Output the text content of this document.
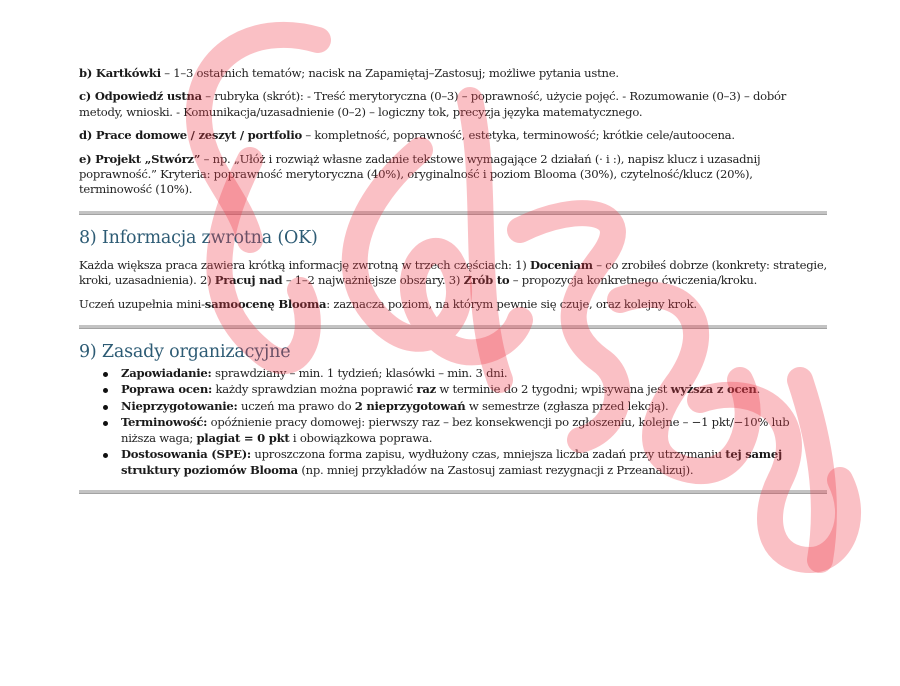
b) Kartkówki – 1–3 ostatnich tematów; nacisk na Zapamiętaj–Zastosuj; możliwe pytania ustne.

c) Odpowiedź ustna – rubryka (skrót): - Treść merytoryczna (0–3) – poprawność, użycie pojęć. - Rozumowanie (0–3) – dobór metody, wnioski. - Komunikacja/uzasadnienie (0–2) – logiczny tok, precyzja języka matematycznego.

d) Prace domowe / zeszyt / portfolio – kompletność, poprawność, estetyka, terminowość; krótkie cele/autoocena.

e) Projekt „Stwórz” – np. „Ułóż i rozwiąż własne zadanie tekstowe wymagające 2 działań (· i :), napisz klucz i uzasadnij poprawność.” Kryteria: poprawność merytoryczna (40%), oryginalność i poziom Blooma (30%), czytelność/klucz (20%), terminowość (10%).

8) Informacja zwrotna (OK)

Każda większa praca zawiera krótką informację zwrotną w trzech częściach: 1) Doceniam – co zrobiłeś dobrze (konkrety: strategie, kroki, uzasadnienia). 2) Pracuj nad – 1–2 najważniejsze obszary. 3) Zrób to – propozycja konkretnego ćwiczenia/kroku.

Uczeń uzupełnia mini-samoocenę Blooma: zaznacza poziom, na którym pewnie się czuje, oraz kolejny krok.

9) Zasady organizacyjne
Zapowiadanie: sprawdziany – min. 1 tydzień; klasówki – min. 3 dni.
Poprawa ocen: każdy sprawdzian można poprawić raz w terminie do 2 tygodni; wpisywana jest wyższa z ocen.
Nieprzygotowanie: uczeń ma prawo do 2 nieprzygotowań w semestrze (zgłasza przed lekcją).
Terminowość: opóźnienie pracy domowej: pierwszy raz – bez konsekwencji po zgłoszeniu, kolejne – −1 pkt/−10% lub niższa waga; plagiat = 0 pkt i obowiązkowa poprawa.
Dostosowania (SPE): uproszczona forma zapisu, wydłużony czas, mniejsza liczba zadań przy utrzymaniu tej samej struktury poziomów Blooma (np. mniej przykładów na Zastosuj zamiast rezygnacji z Przeanalizuj).
